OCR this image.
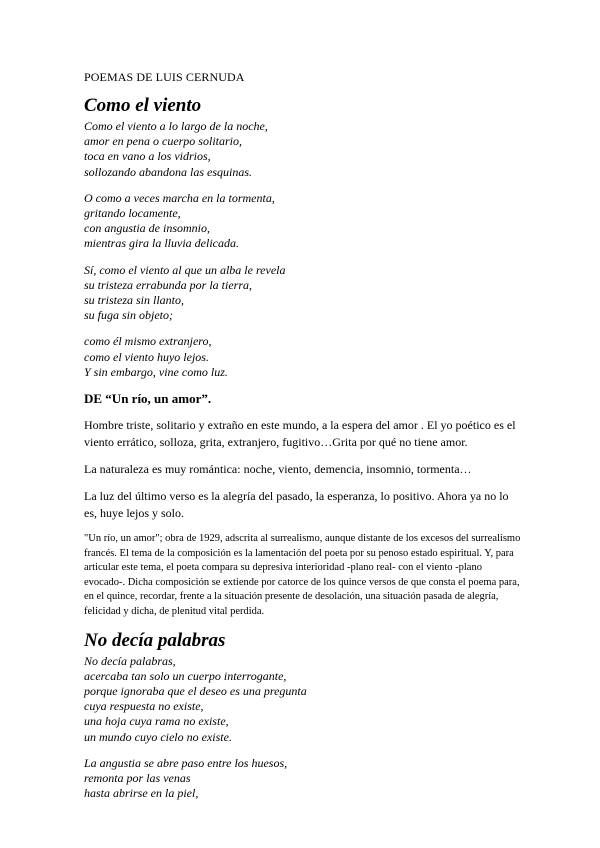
POEMAS DE LUIS CERNUDA
Como el viento
Como el viento a lo largo de la noche,
amor en pena o cuerpo solitario,
toca en vano a los vidrios,
sollozando abandona las esquinas.
O como a veces marcha en la tormenta,
gritando locamente,
con angustia de insomnio,
mientras gira la lluvia delicada.
Sí, como el viento al que un alba le revela
su tristeza errabunda por la tierra,
su tristeza sin llanto,
su fuga sin objeto;
como él mismo extranjero,
como el viento huyo lejos.
Y sin embargo, vine como luz.
DE “Un río, un amor”.

Hombre triste, solitario y extraño en este mundo, a la espera del amor . El yo poético es el viento errático, solloza, grita, extranjero, fugitivo…Grita por qué no tiene amor.

La naturaleza es muy romántica: noche, viento, demencia, insomnio, tormenta…

La luz del último verso es la alegría del pasado, la esperanza, lo positivo. Ahora ya no lo es, huye lejos y solo.

"Un río, un amor"; obra de 1929, adscrita al surrealismo, aunque distante de los excesos del surrealismo francés. El tema de la composición es la lamentación del poeta por su penoso estado espiritual. Y, para articular este tema, el poeta compara su depresiva interioridad -plano real- con el viento -plano evocado-. Dicha composición se extiende por catorce de los quince versos de que consta el poema para, en el quince, recordar, frente a la situación presente de desolación, una situación pasada de alegría, felicidad y dicha, de plenitud vital perdida.

No decía palabras
No decía palabras,
acercaba tan solo un cuerpo interrogante,
porque ignoraba que el deseo es una pregunta
cuya respuesta no existe,
una hoja cuya rama no existe,
un mundo cuyo cielo no existe.
La angustia se abre paso entre los huesos,
remonta por las venas
hasta abrirse en la piel,
